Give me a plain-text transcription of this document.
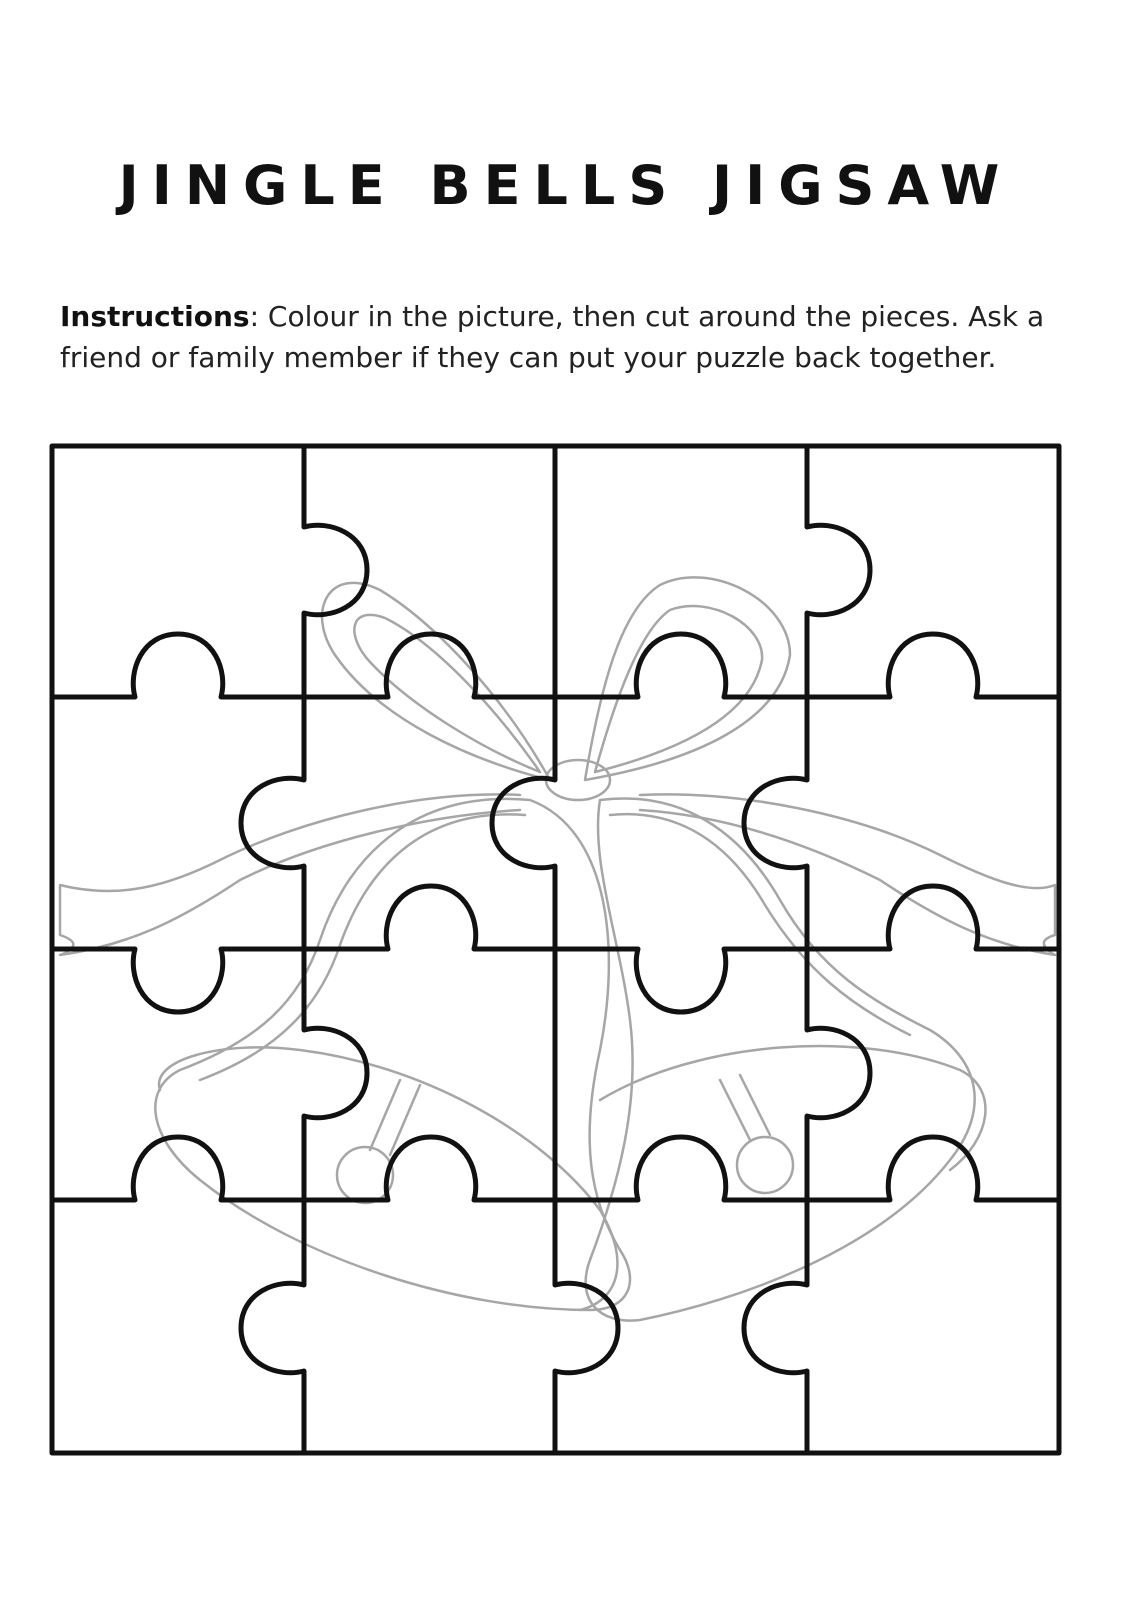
JINGLE BELLS JIGSAW

Instructions: Colour in the picture, then cut around the pieces. Ask a friend or family member if they can put your puzzle back together.
